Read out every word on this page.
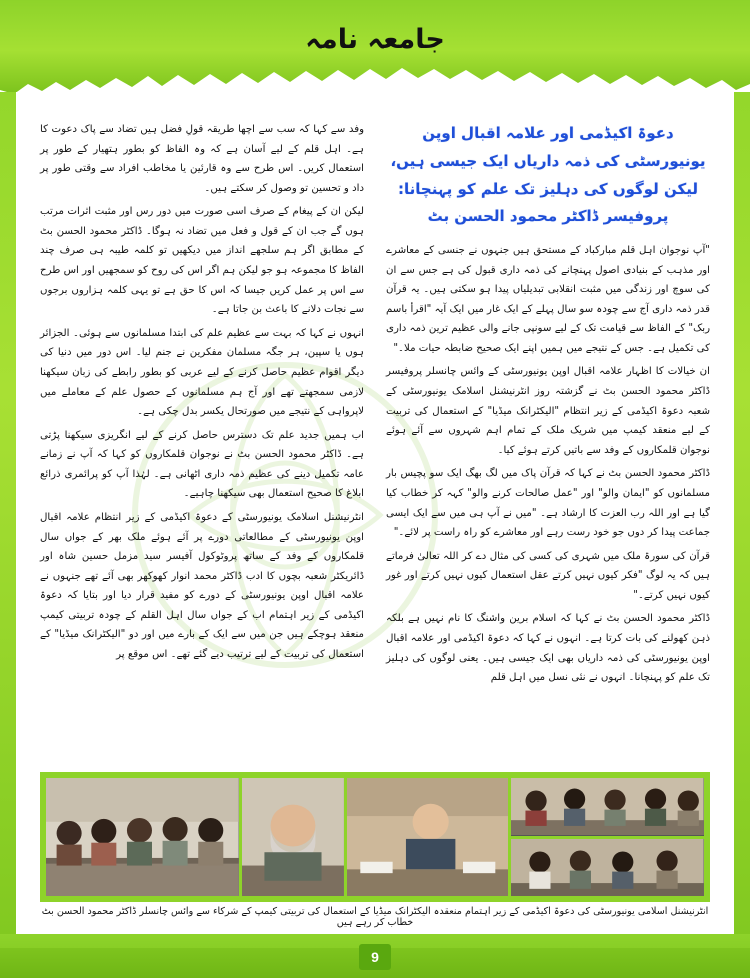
جامعہ نامہ

وفد سے کہا کہ سب سے اچھا طریقہ قولِ فضل ہیں تضاد سے پاک دعوت کا ہے۔ اہل قلم کے لیے آسان ہے کہ وہ الفاظ کو بطور ہتھیار کے طور پر استعمال کریں۔ اس طرح سے وہ قارئین یا مخاطب افراد سے وقتی طور پر داد و تحسین تو وصول کر سکتے ہیں۔

لیکن ان کے پیغام کے صرف اسی صورت میں دور رس اور مثبت اثرات مرتب ہوں گے جب ان کے قول و فعل میں تضاد نہ ہوگا۔ ڈاکٹر محمود الحسن بٹ کے مطابق اگر ہم سلجھے انداز میں دیکھیں تو کلمہ طیبہ ہی صرف چند الفاظ کا مجموعہ ہو جو لیکن ہم اگر اس کی روح کو سمجھیں اور اس طرح سے اس پر عمل کریں جیسا کہ اس کا حق ہے تو یہی کلمہ ہزاروں برجوں سے نجات دلانے کا باعث بن جاتا ہے۔

انہوں نے کہا کہ بہت سے عظیم علم کی ابتدا مسلمانوں سے ہوئی۔ الجزائر ہوں یا سپین، ہر جگہ مسلمان مفکرین نے جنم لیا۔ اس دور میں دنیا کی دیگر اقوام عظیم حاصل کرنے کے لیے عربی کو بطور رابطے کی زبان سیکھنا لازمی سمجھتے تھے اور آج ہم مسلمانوں کے حصول علم کے معاملے میں لاپرواہی کے نتیجے میں صورتحال یکسر بدل چکی ہے۔

اب ہمیں جدید علم تک دسترس حاصل کرنے کے لیے انگریزی سیکھنا پڑتی ہے۔ ڈاکٹر محمود الحسن بٹ نے نوجوان قلمکاروں کو کہا کہ آپ نے زمانے عامہ تکمیل دینے کی عظیم ذمہ داری اٹھانی ہے۔ لہٰذا آپ کو پرائمری ذرائع ابلاغ کا صحیح استعمال بھی سیکھنا چاہیے۔

انٹرنیشنل اسلامک یونیورسٹی کے دعوۃ اکیڈمی کے زیر انتظام علامہ اقبال اوپن یونیورسٹی کے مطالعاتی دورے پر آئے ہوئے ملک بھر کے جواں سال قلمکاروں کے وفد کے ساتھ پروٹوکول آفیسر سید مزمل حسین شاہ اور ڈائریکٹر شعبہ بچوں کا ادب ڈاکٹر محمد انوار کھوکھر بھی آئے تھے جنہوں نے علامہ اقبال اوپن یونیورسٹی کے دورے کو مفید قرار دیا اور بتایا کہ دعوۃ اکیڈمی کے زیر اہتمام اب کے جواں سال اہل القلم کے چودہ تربیتی کیمپ منعقد ہوچکے ہیں جن میں سے ایک کے بارے میں اور دو "الیکٹرانک میڈیا" کے استعمال کی تربیت کے لیے ترتیب دیے گئے تھے۔ اس موقع پر

دعوۃ اکیڈمی اور علامہ اقبال اوپن یونیورسٹی کی ذمہ داریاں ایک جیسی ہیں، لیکن لوگوں کی دہلیز تک علم کو پہنچانا: پروفیسر ڈاکٹر محمود الحسن بٹ

"آپ نوجوان اہل قلم مبارکباد کے مستحق ہیں جنہوں نے جنسی کے معاشرے اور مذہب کے بنیادی اصول پہنچانے کی ذمہ داری قبول کی ہے جس سے ان کی سوچ اور زندگی میں مثبت انقلابی تبدیلیاں پیدا ہو سکتی ہیں۔ یہ قرآن قدر ذمہ داری آج سے چودہ سو سال پہلے کے ایک غار میں ایک آیہ "اقرأ باسم ربک" کے الفاظ سے قیامت تک کے لیے سونپی جانے والی عظیم ترین ذمہ داری کی تکمیل ہے۔ جس کے نتیجے میں ہمیں اپنے ایک صحیح ضابطہ حیات ملا۔"

ان خیالات کا اظہار علامہ اقبال اوپن یونیورسٹی کے وائس چانسلر پروفیسر ڈاکٹر محمود الحسن بٹ نے گزشتہ روز انٹرنیشنل اسلامک یونیورسٹی کے شعبہ دعوۃ اکیڈمی کے زیر انتظام "الیکٹرانک میڈیا" کے استعمال کی تربیت کے لیے منعقد کیمپ میں شریک ملک کے تمام اہم شہروں سے آئے ہوئے نوجوان قلمکاروں کے وفد سے باتیں کرتے ہوئے کیا۔

ڈاکٹر محمود الحسن بٹ نے کہا کہ قرآن پاک میں لگ بھگ ایک سو پچیس بار مسلمانوں کو "ایمان والو" اور "عمل صالحات کرنے والو" کہہ کر خطاب کیا گیا ہے اور اللہ رب العزت کا ارشاد ہے۔ "میں نے آپ ہی میں سے ایک ایسی جماعت پیدا کر دوں جو خود رست رہے اور معاشرے کو راہ راست پر لائے۔"

قرآن کی سورۃ ملک میں شہری کی کسی کی مثال دے کر اللہ تعالیٰ فرماتے ہیں کہ یہ لوگ "فکر کیوں نہیں کرتے عقل استعمال کیوں نہیں کرتے اور غور کیوں نہیں کرتے۔"

ڈاکٹر محمود الحسن بٹ نے کہا کہ اسلام برین واشنگ کا نام نہیں ہے بلکہ ذہن کھولنے کی بات کرتا ہے۔ انہوں نے کہا کہ دعوۃ اکیڈمی اور علامہ اقبال اوپن یونیورسٹی کی ذمہ داریاں بھی ایک جیسی ہیں۔ یعنی لوگوں کی دہلیز تک علم کو پہنچانا۔ انہوں نے نئی نسل میں اہل قلم

انٹرنیشنل اسلامی یونیورسٹی کی دعوۃ اکیڈمی کے زیر اہتمام منعقدہ الیکٹرانک میڈیا کے استعمال کی تربیتی کیمپ کے شرکاء سے وائس چانسلر ڈاکٹر محمود الحسن بٹ خطاب کر رہے ہیں
9
